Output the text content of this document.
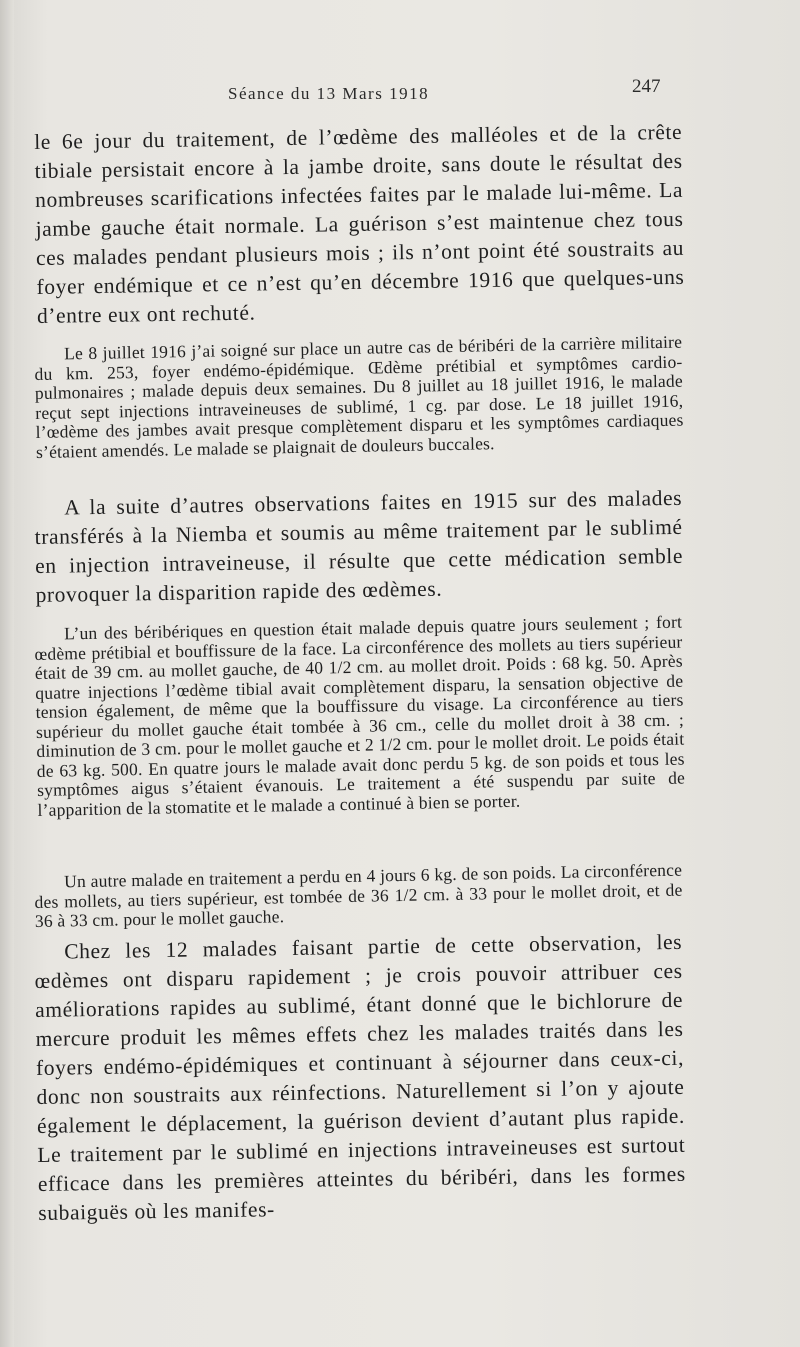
Séance du 13 Mars 1918	247

le 6e jour du traitement, de l’œdème des malléoles et de la crête tibiale persistait encore à la jambe droite, sans doute le résultat des nombreuses scarifications infectées faites par le malade lui-même. La jambe gauche était normale. La guérison s’est maintenue chez tous ces malades pendant plusieurs mois ; ils n’ont point été soustraits au foyer endémique et ce n’est qu’en décembre 1916 que quelques-uns d’entre eux ont rechuté.

Le 8 juillet 1916 j’ai soigné sur place un autre cas de béribéri de la carrière militaire du km. 253, foyer endémo-épidémique. Œdème prétibial et symptômes cardio-pulmonaires ; malade depuis deux semaines. Du 8 juillet au 18 juillet 1916, le malade reçut sept injections intraveineuses de sublimé, 1 cg. par dose. Le 18 juillet 1916, l’œdème des jambes avait presque complètement disparu et les symptômes cardiaques s’étaient amendés. Le malade se plaignait de douleurs buccales.

A la suite d’autres observations faites en 1915 sur des malades transférés à la Niemba et soumis au même traitement par le sublimé en injection intraveineuse, il résulte que cette médication semble provoquer la disparition rapide des œdèmes.

L’un des béribériques en question était malade depuis quatre jours seulement ; fort œdème prétibial et bouffissure de la face. La circonférence des mollets au tiers supérieur était de 39 cm. au mollet gauche, de 40 1/2 cm. au mollet droit. Poids : 68 kg. 50. Après quatre injections l’œdème tibial avait complètement disparu, la sensation objective de tension également, de même que la bouffissure du visage. La circonférence au tiers supérieur du mollet gauche était tombée à 36 cm., celle du mollet droit à 38 cm. ; diminution de 3 cm. pour le mollet gauche et 2 1/2 cm. pour le mollet droit. Le poids était de 63 kg. 500. En quatre jours le malade avait donc perdu 5 kg. de son poids et tous les symptômes aigus s’étaient évanouis. Le traitement a été suspendu par suite de l’apparition de la stomatite et le malade a continué à bien se porter.

Un autre malade en traitement a perdu en 4 jours 6 kg. de son poids. La circonférence des mollets, au tiers supérieur, est tombée de 36 1/2 cm. à 33 pour le mollet droit, et de 36 à 33 cm. pour le mollet gauche.

Chez les 12 malades faisant partie de cette observation, les œdèmes ont disparu rapidement ; je crois pouvoir attribuer ces améliorations rapides au sublimé, étant donné que le bichlorure de mercure produit les mêmes effets chez les malades traités dans les foyers endémo-épidémiques et continuant à séjourner dans ceux-ci, donc non soustraits aux réinfections. Naturellement si l’on y ajoute également le déplacement, la guérison devient d’autant plus rapide. Le traitement par le sublimé en injections intraveineuses est surtout efficace dans les premières atteintes du béribéri, dans les formes subaiguës où les manifes-
